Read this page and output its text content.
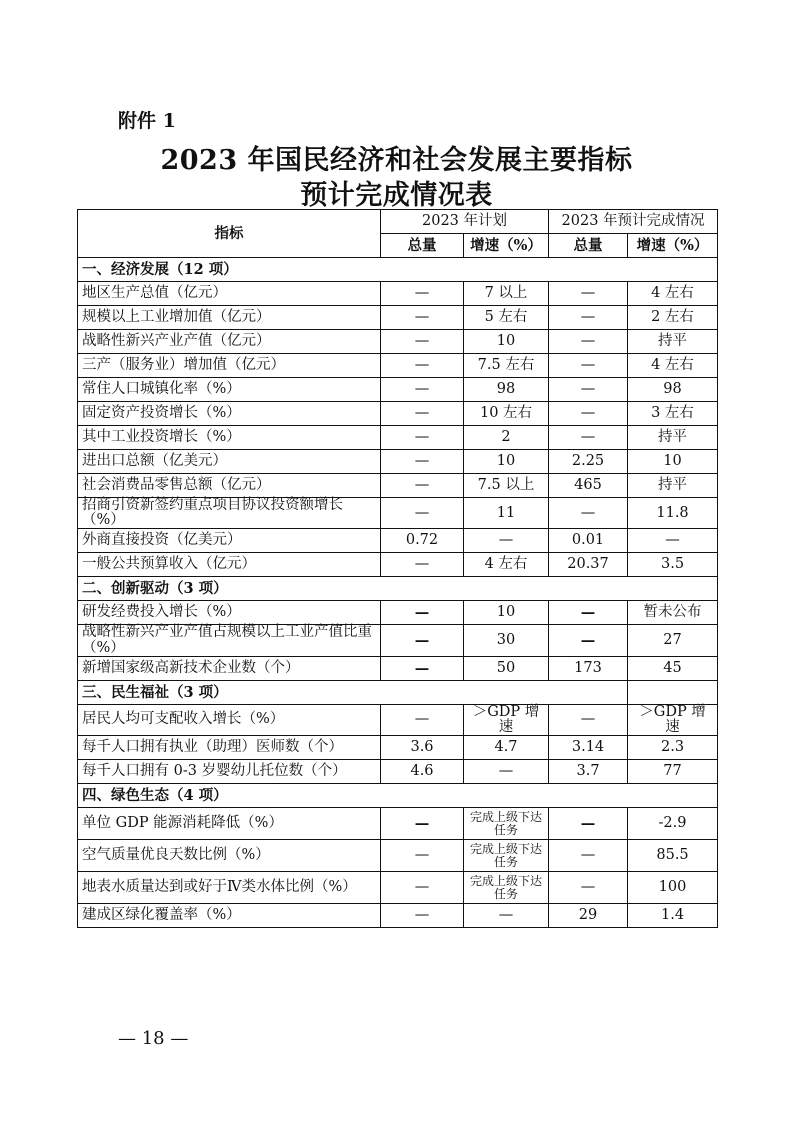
附件 1
2023 年国民经济和社会发展主要指标
预计完成情况表
指标	2023 年计划		2023 年预计完成情况	
	总量	增速（%）	总量	增速（%）
一、经济发展（12 项）				
地区生产总值（亿元）	—	7 以上	—	4 左右
规模以上工业增加值（亿元）	—	5 左右	—	2 左右
战略性新兴产业产值（亿元）	—	10	—	持平
三产（服务业）增加值（亿元）	—	7.5 左右	—	4 左右
常住人口城镇化率（%）	—	98	—	98
固定资产投资增长（%）	—	10 左右	—	3 左右
其中工业投资增长（%）	—	2	—	持平
进出口总额（亿美元）	—	10	2.25	10
社会消费品零售总额（亿元）	—	7.5 以上	465	持平
招商引资新签约重点项目协议投资额增长（%）	—	11	—	11.8
外商直接投资（亿美元）	0.72	—	0.01	—
一般公共预算收入（亿元）	—	4 左右	20.37	3.5
二、创新驱动（3 项）				
研发经费投入增长（%）	—	10	—	暂未公布
战略性新兴产业产值占规模以上工业产值比重（%）	—	30	—	27
新增国家级高新技术企业数（个）	—	50	173	45
三、民生福祉（3 项）				
居民人均可支配收入增长（%）	—	＞GDP 增速	—	＞GDP 增速
每千人口拥有执业（助理）医师数（个）	3.6	4.7	3.14	2.3
每千人口拥有 0-3 岁婴幼儿托位数（个）	4.6	—	3.7	77
四、绿色生态（4 项）				
单位 GDP 能源消耗降低（%）	—	完成上级下达任务	—	-2.9
空气质量优良天数比例（%）	—	完成上级下达任务	—	85.5
地表水质量达到或好于Ⅳ类水体比例（%）	—	完成上级下达任务	—	100
建成区绿化覆盖率（%）	—	—	29	1.4
— 18 —
